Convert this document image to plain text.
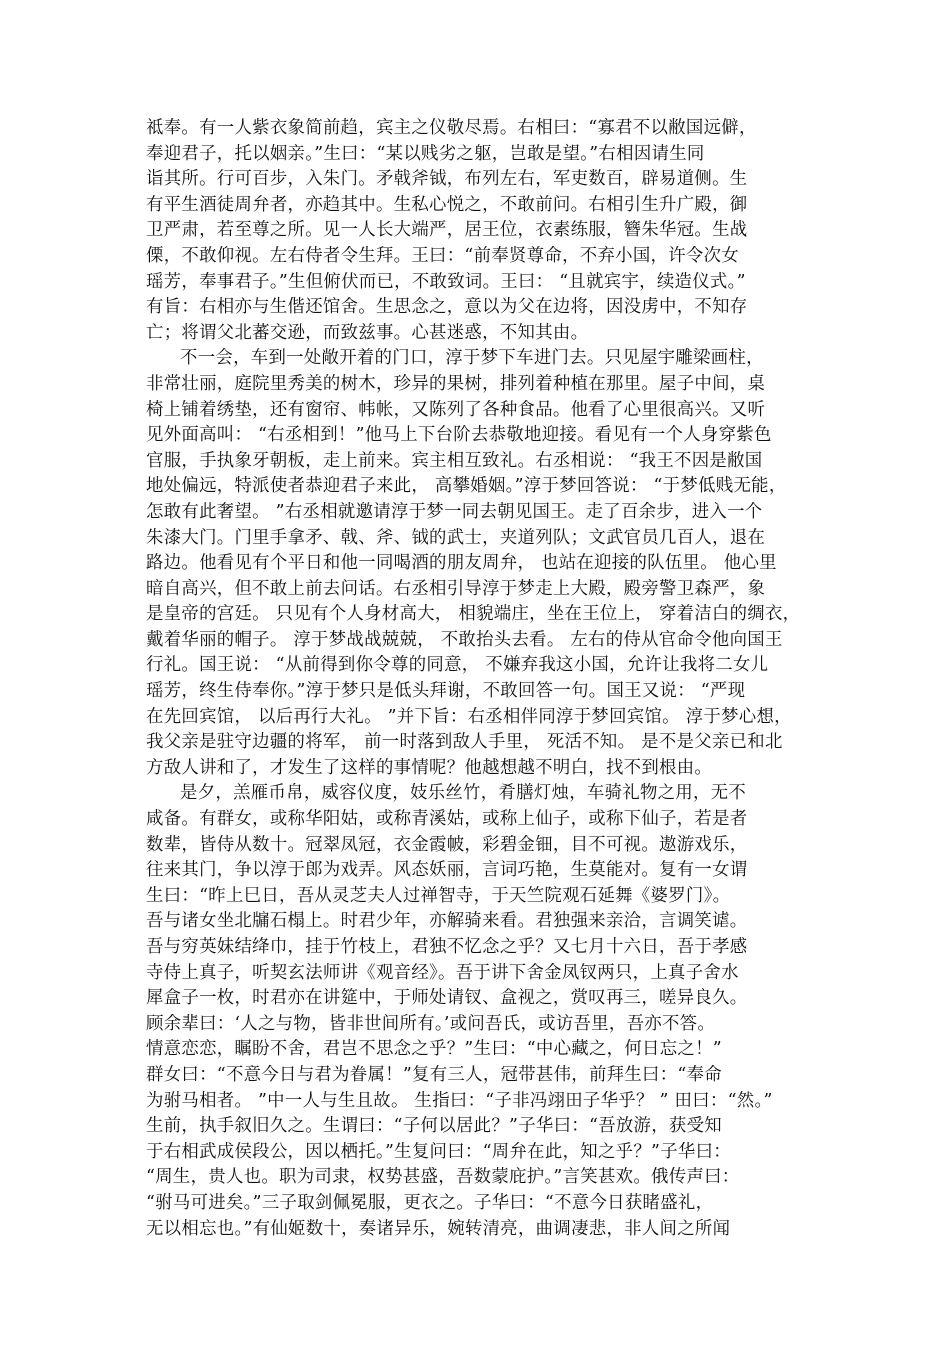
祗奉。有一人紫衣象简前趋，宾主之仪敬尽焉。右相曰：“寡君不以敝国远僻，
奉迎君子，托以姻亲。”生曰：“某以贱劣之躯，岂敢是望。”右相因请生同
诣其所。行可百步，入朱门。矛戟斧钺，布列左右，军吏数百，辟易道侧。生
有平生酒徒周弁者，亦趋其中。生私心悦之，不敢前问。右相引生升广殿，御
卫严肃，若至尊之所。见一人长大端严，居王位，衣素练服，簪朱华冠。生战
傈，不敢仰视。左右侍者令生拜。王曰：“前奉贤尊命，不弃小国，许令次女
瑶芳，奉事君子。”生但俯伏而已，不敢致词。王曰： “且就宾宇，续造仪式。”
有旨：右相亦与生偕还馆舍。生思念之，意以为父在边将，因没虏中，不知存
亡；将谓父北蕃交逊，而致兹事。心甚迷惑，不知其由。
不一会，车到一处敞开着的门口，淳于梦下车进门去。只见屋宇雕梁画柱，
非常壮丽，庭院里秀美的树木，珍异的果树，排列着种植在那里。屋子中间，桌
椅上铺着绣垫，还有窗帘、帏帐，又陈列了各种食品。他看了心里很高兴。又听
见外面高叫： “右丞相到！”他马上下台阶去恭敬地迎接。看见有一个人身穿紫色
官服，手执象牙朝板，走上前来。宾主相互致礼。右丞相说： “我王不因是敝国
地处偏远，特派使者恭迎君子来此， 高攀婚姻。”淳于梦回答说： “于梦低贱无能，
怎敢有此奢望。 ”右丞相就邀请淳于梦一同去朝见国王。走了百余步，进入一个
朱漆大门。门里手拿矛、戟、斧、钺的武士，夹道列队；文武官员几百人，退在
路边。他看见有个平日和他一同喝酒的朋友周弁， 也站在迎接的队伍里。 他心里
暗自高兴，但不敢上前去问话。右丞相引导淳于梦走上大殿，殿旁警卫森严，象
是皇帝的宫廷。 只见有个人身材高大， 相貌端庄，坐在王位上， 穿着洁白的绸衣，
戴着华丽的帽子。 淳于梦战战兢兢， 不敢抬头去看。 左右的侍从官命令他向国王
行礼。国王说： “从前得到你令尊的同意， 不嫌弃我这小国，允许让我将二女儿
瑶芳，终生侍奉你。”淳于梦只是低头拜谢，不敢回答一句。国王又说： “严现
在先回宾馆， 以后再行大礼。 ”并下旨：右丞相伴同淳于梦回宾馆。 淳于梦心想，
我父亲是驻守边疆的将军， 前一时落到敌人手里， 死活不知。 是不是父亲已和北
方敌人讲和了，才发生了这样的事情呢？他越想越不明白，找不到根由。
是夕，羔雁币帛，威容仪度，妓乐丝竹，肴膳灯烛，车骑礼物之用，无不
咸备。有群女，或称华阳姑，或称青溪姑，或称上仙子，或称下仙子，若是者
数辈，皆侍从数十。冠翠凤冠，衣金霞帔，彩碧金钿，目不可视。遨游戏乐，
往来其门，争以淳于郎为戏弄。风态妖丽，言词巧艳，生莫能对。复有一女谓
生曰：“昨上巳日，吾从灵芝夫人过禅智寺，于天竺院观石延舞《婆罗门》。
吾与诸女坐北牖石榻上。时君少年，亦解骑来看。君独强来亲洽，言调笑谑。
吾与穷英妹结绛巾，挂于竹枝上，君独不忆念之乎？又七月十六日，吾于孝感
寺侍上真子，听契玄法师讲《观音经》。吾于讲下舍金凤钗两只，上真子舍水
犀盒子一枚，时君亦在讲筵中，于师处请钗、盒视之，赏叹再三，嗟异良久。
顾余辈曰：‘人之与物，皆非世间所有。’或问吾氏，或访吾里，吾亦不答。
情意恋恋，瞩盼不舍，君岂不思念之乎？”生曰：“中心藏之，何日忘之！”
群女曰：“不意今日与君为眷属！”复有三人，冠带甚伟，前拜生曰：“奉命
为驸马相者。 ”中一人与生且故。 生指曰：“子非冯翊田子华乎？ ” 田曰：“然。”
生前，执手叙旧久之。生谓曰：“子何以居此？”子华曰：“吾放游，获受知
于右相武成侯段公，因以栖托。”生复问曰：“周弁在此，知之乎？”子华曰：
“周生，贵人也。职为司隶，权势甚盛，吾数蒙庇护。”言笑甚欢。俄传声曰：
“驸马可进矣。”三子取剑佩冕服，更衣之。子华曰：“不意今日获睹盛礼，
无以相忘也。”有仙姬数十，奏诸异乐，婉转清亮，曲调凄悲，非人间之所闻
